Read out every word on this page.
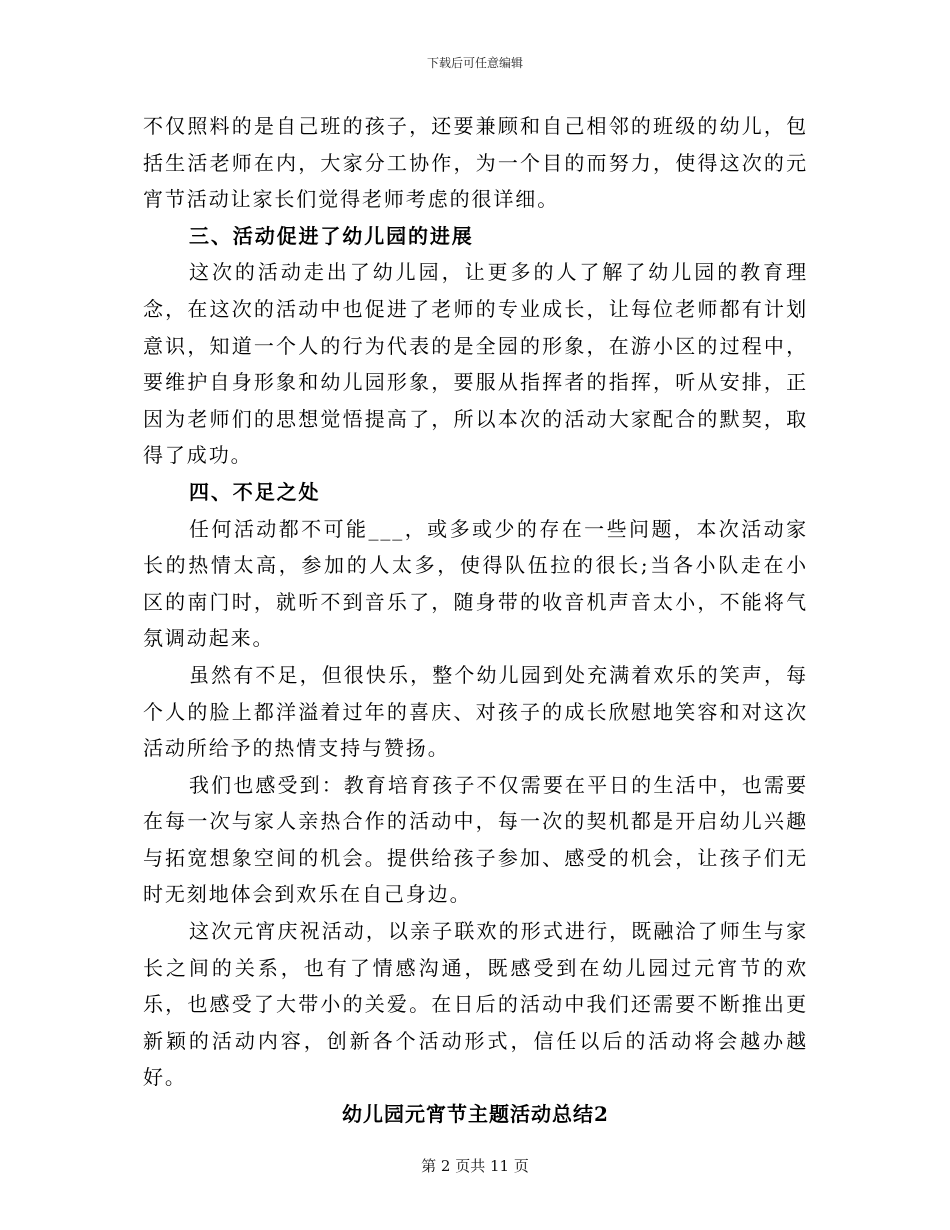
下载后可任意编辑

不仅照料的是自己班的孩子，还要兼顾和自己相邻的班级的幼儿，包括生活老师在内，大家分工协作，为一个目的而努力，使得这次的元宵节活动让家长们觉得老师考虑的很详细。

三、活动促进了幼儿园的进展

这次的活动走出了幼儿园，让更多的人了解了幼儿园的教育理念，在这次的活动中也促进了老师的专业成长，让每位老师都有计划意识，知道一个人的行为代表的是全园的形象，在游小区的过程中，要维护自身形象和幼儿园形象，要服从指挥者的指挥，听从安排，正因为老师们的思想觉悟提高了，所以本次的活动大家配合的默契，取得了成功。

四、不足之处

任何活动都不可能___，或多或少的存在一些问题，本次活动家长的热情太高，参加的人太多，使得队伍拉的很长;当各小队走在小区的南门时，就听不到音乐了，随身带的收音机声音太小，不能将气氛调动起来。

虽然有不足，但很快乐，整个幼儿园到处充满着欢乐的笑声，每个人的脸上都洋溢着过年的喜庆、对孩子的成长欣慰地笑容和对这次活动所给予的热情支持与赞扬。

我们也感受到：教育培育孩子不仅需要在平日的生活中，也需要在每一次与家人亲热合作的活动中，每一次的契机都是开启幼儿兴趣与拓宽想象空间的机会。提供给孩子参加、感受的机会，让孩子们无时无刻地体会到欢乐在自己身边。

这次元宵庆祝活动，以亲子联欢的形式进行，既融洽了师生与家长之间的关系，也有了情感沟通，既感受到在幼儿园过元宵节的欢乐，也感受了大带小的关爱。在日后的活动中我们还需要不断推出更新颖的活动内容，创新各个活动形式，信任以后的活动将会越办越好。

幼儿园元宵节主题活动总结2

第 2 页共 11 页
